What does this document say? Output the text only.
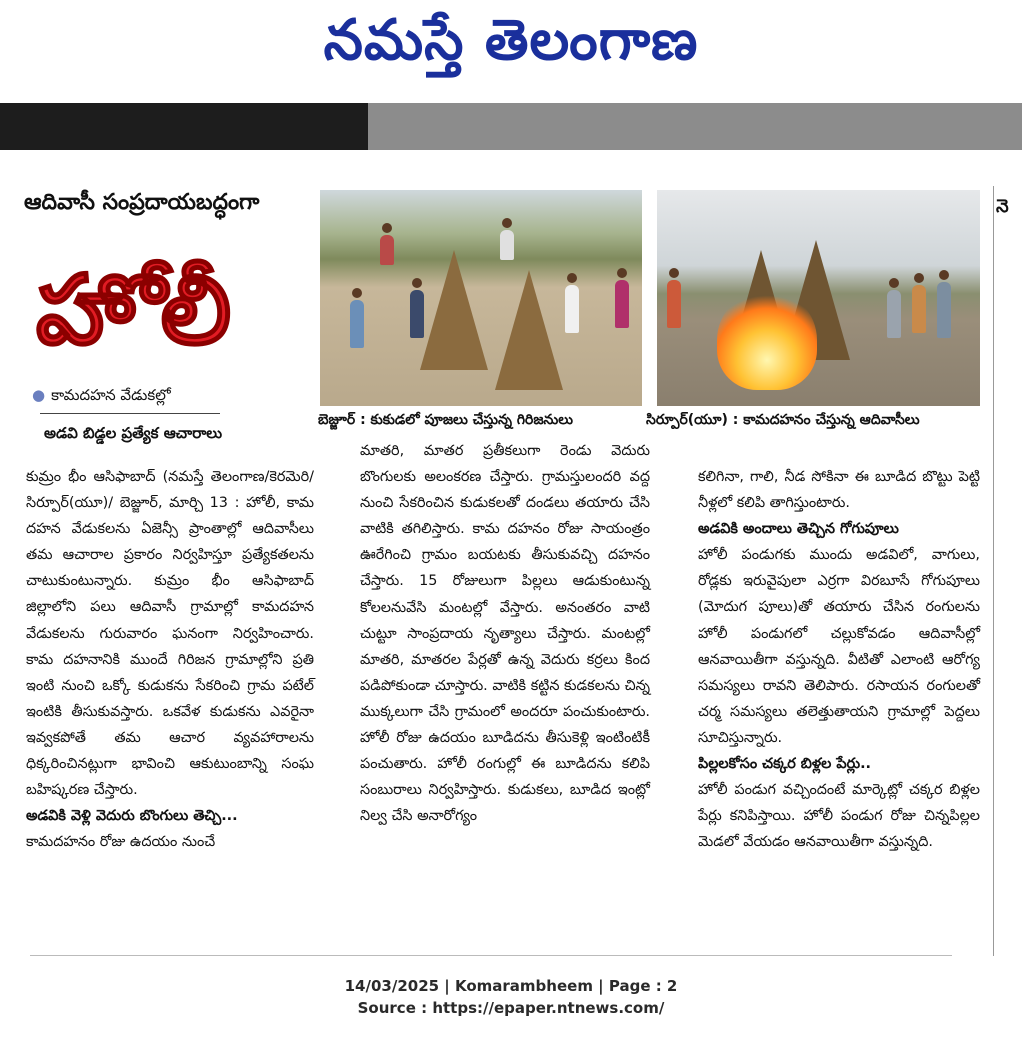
నమస్తే తెలంగాణ
ఆదివాసీ సంప్రదాయబద్ధంగా
హోలీ
● కామదహన వేడుకల్లో
అడవి బిడ్డల ప్రత్యేక ఆచారాలు
బెజ్జూర్ : కుకుడలో పూజలు చేస్తున్న గిరిజనులు	సిర్పూర్(యూ) : కామదహనం చేస్తున్న ఆదివాసీలు

కుమ్రం భీం ఆసిఫాబాద్ (నమస్తే తెలంగాణ/కెరమెరి/సిర్పూర్(యూ)/ బెజ్జూర్, మార్చి 13 : హోలీ, కామ దహన వేడుకలను ఏజెన్సీ ప్రాంతాల్లో ఆదివాసీలు తమ ఆచారాల ప్రకారం నిర్వహిస్తూ ప్రత్యేకతలను చాటుకుంటున్నారు. కుమ్రం భీం ఆసిఫాబాద్ జిల్లాలోని పలు ఆదివాసీ గ్రామాల్లో కామదహన వేడుకలను గురువారం ఘనంగా నిర్వహించారు. కామ దహనానికి ముందే గిరిజన గ్రామాల్లోని ప్రతి ఇంటి నుంచి ఒక్కో కుడుకను సేకరించి గ్రామ పటేల్ ఇంటికి తీసుకువస్తారు. ఒకవేళ కుడుకను ఎవరైనా ఇవ్వకపోతే తమ ఆచార వ్యవహారాలను ధిక్కరించినట్లుగా భావించి ఆకుటుంబాన్ని సంఘ బహిష్కరణ చేస్తారు.

అడవికి వెళ్లి వెదురు బొంగులు తెచ్చి...

కామదహనం రోజు ఉదయం నుంచే

మాతరి, మాతర ప్రతీకలుగా రెండు వెదురు బొంగులకు అలంకరణ చేస్తారు. గ్రామస్తులందరి వద్ద నుంచి సేకరించిన కుడుకలతో దండలు తయారు చేసి వాటికి తగిలిస్తారు. కామ దహనం రోజు సాయంత్రం ఊరేగించి గ్రామం బయటకు తీసుకువచ్చి దహనం చేస్తారు. 15 రోజులుగా పిల్లలు ఆడుకుంటున్న కోలలనువేసి మంటల్లో వేస్తారు. అనంతరం వాటి చుట్టూ సాంప్రదాయ నృత్యాలు చేస్తారు. మంటల్లో మాతరి, మాతరల పేర్లతో ఉన్న వెదురు కర్రలు కింద పడిపోకుండా చూస్తారు. వాటికి కట్టిన కుడకలను చిన్న ముక్కలుగా చేసి గ్రామంలో అందరూ పంచుకుంటారు. హోలీ రోజు ఉదయం బూడిదను తీసుకెళ్లి ఇంటింటికీ పంచుతారు. హోలీ రంగుల్లో ఈ బూడిదను కలిపి సంబురాలు నిర్వహిస్తారు. కుడుకలు, బూడిద ఇంట్లో నిల్వ చేసి అనారోగ్యం

కలిగినా, గాలి, నీడ సోకినా ఈ బూడిద బొట్టు పెట్టి నీళ్లలో కలిపి తాగిస్తుంటారు.

అడవికి అందాలు తెచ్చిన గోగుపూలు

హోలీ పండుగకు ముందు అడవిలో, వాగులు, రోడ్లకు ఇరువైపులా ఎర్రగా విరబూసే గోగుపూలు (మోదుగ పూలు)తో తయారు చేసిన రంగులను హోలీ పండుగలో చల్లుకోవడం ఆదివాసీల్లో ఆనవాయితీగా వస్తున్నది. వీటితో ఎలాంటి ఆరోగ్య సమస్యలు రావని తెలిపారు. రసాయన రంగులతో చర్మ సమస్యలు తలెత్తుతాయని గ్రామాల్లో పెద్దలు సూచిస్తున్నారు.

పిల్లలకోసం చక్కర బిళ్లల పేర్లు..

హోలీ పండుగ వచ్చిందంటే మార్కెట్లో చక్కర బిళ్లల పేర్లు కనిపిస్తాయి. హోలీ పండుగ రోజు చిన్నపిల్లల మెడలో వేయడం ఆనవాయితీగా వస్తున్నది.

నె
14/03/2025 | Komarambheem | Page : 2
Source : https://epaper.ntnews.com/
